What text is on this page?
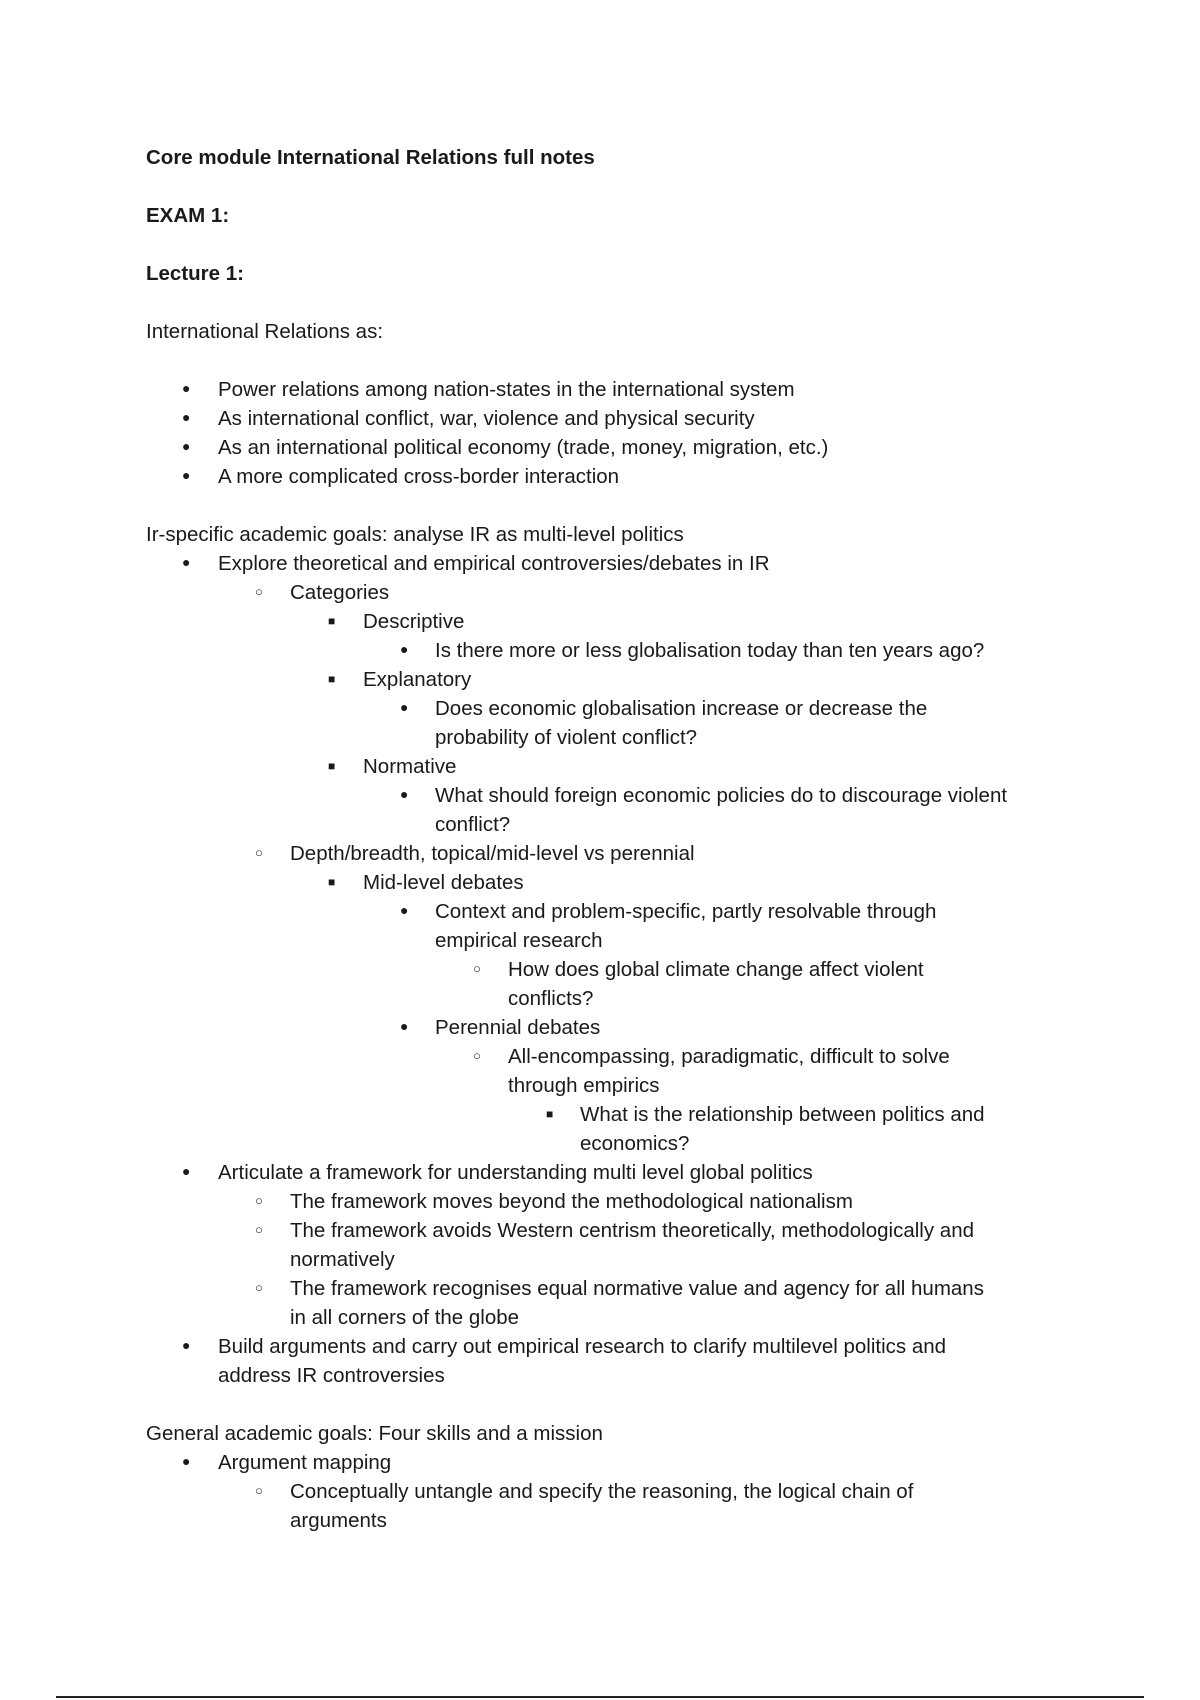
Core module International Relations full notes
EXAM 1:
Lecture 1:
International Relations as:
●
Power relations among nation-states in the international system
●
As international conflict, war, violence and physical security
●
As an international political economy (trade, money, migration, etc.)
●
A more complicated cross-border interaction
Ir-specific academic goals: analyse IR as multi-level politics
●
Explore theoretical and empirical controversies/debates in IR
○
Categories
■
Descriptive
●
Is there more or less globalisation today than ten years ago?
■
Explanatory
●
Does economic globalisation increase or decrease the
probability of violent conflict?
■
Normative
●
What should foreign economic policies do to discourage violent
conflict?
○
Depth/breadth, topical/mid-level vs perennial
■
Mid-level debates
●
Context and problem-specific, partly resolvable through
empirical research
○
How does global climate change affect violent
conflicts?
●
Perennial debates
○
All-encompassing, paradigmatic, difficult to solve
through empirics
■
What is the relationship between politics and
economics?
●
Articulate a framework for understanding multi level global politics
○
The framework moves beyond the methodological nationalism
○
The framework avoids Western centrism theoretically, methodologically and
normatively
○
The framework recognises equal normative value and agency for all humans
in all corners of the globe
●
Build arguments and carry out empirical research to clarify multilevel politics and
address IR controversies
General academic goals: Four skills and a mission
●
Argument mapping
○
Conceptually untangle and specify the reasoning, the logical chain of
arguments
